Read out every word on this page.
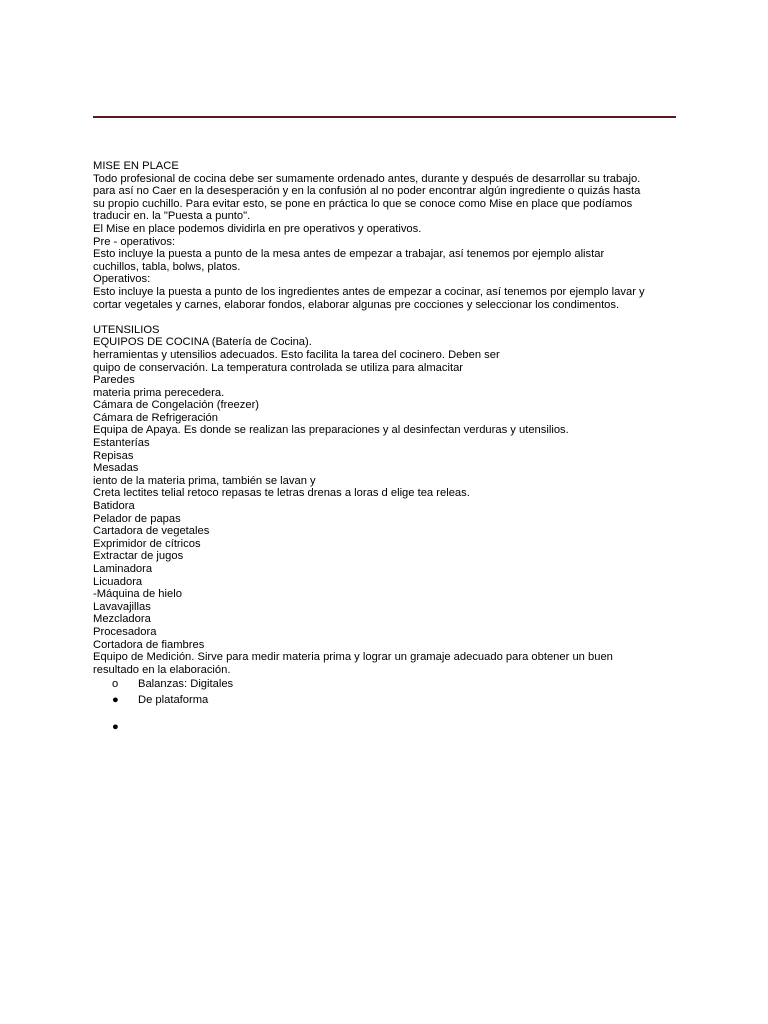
MISE EN PLACE
Todo profesional de cocina debe ser sumamente ordenado antes, durante y después de desarrollar su trabajo.
para así no Caer en la desesperación y en la confusión al no poder encontrar algún ingrediente o quizás hasta
su propio cuchillo. Para evitar esto, se pone en práctica lo que se conoce como Mise en place que podíamos
traducir en. la "Puesta a punto".
El Mise en place podemos dividirla en pre operativos y operativos.
Pre - operativos:
Esto incluye la puesta a punto de la mesa antes de empezar a trabajar, así tenemos por ejemplo alistar
cuchillos, tabla, bolws, platos.
Operativos:
Esto incluye la puesta a punto de los ingredientes antes de empezar a cocinar, así tenemos por ejemplo lavar y
cortar vegetales y carnes, elaborar fondos, elaborar algunas pre cocciones y seleccionar los condimentos.
UTENSILIOS
EQUIPOS DE COCINA (Batería de Cocina).
herramientas y utensilios adecuados. Esto facilita la tarea del cocinero. Deben ser
quipo de conservación. La temperatura controlada se utiliza para almacitar
Paredes
materia prima perecedera.
Cámara de Congelación (freezer)
Cámara de Refrigeración
Equipa de Apaya. Es donde se realizan las preparaciones y al desinfectan verduras y utensilios.
Estanterías
Repisas
Mesadas
iento de la materia prima, también se lavan y
Creta lectites telial retoco repasas te letras drenas a loras d elige tea releas.
Batidora
Pelador de papas
Cartadora de vegetales
Exprimidor de cítricos
Extractar de jugos
Laminadora
Licuadora
-Máquina de hielo
Lavavajillas
Mezcladora
Procesadora
Cortadora de fiambres
Equipo de Medición. Sirve para medir materia prima y lograr un gramaje adecuado para obtener un buen
resultado en la elaboración.
o Balanzas: Digitales
● De plataforma
●
